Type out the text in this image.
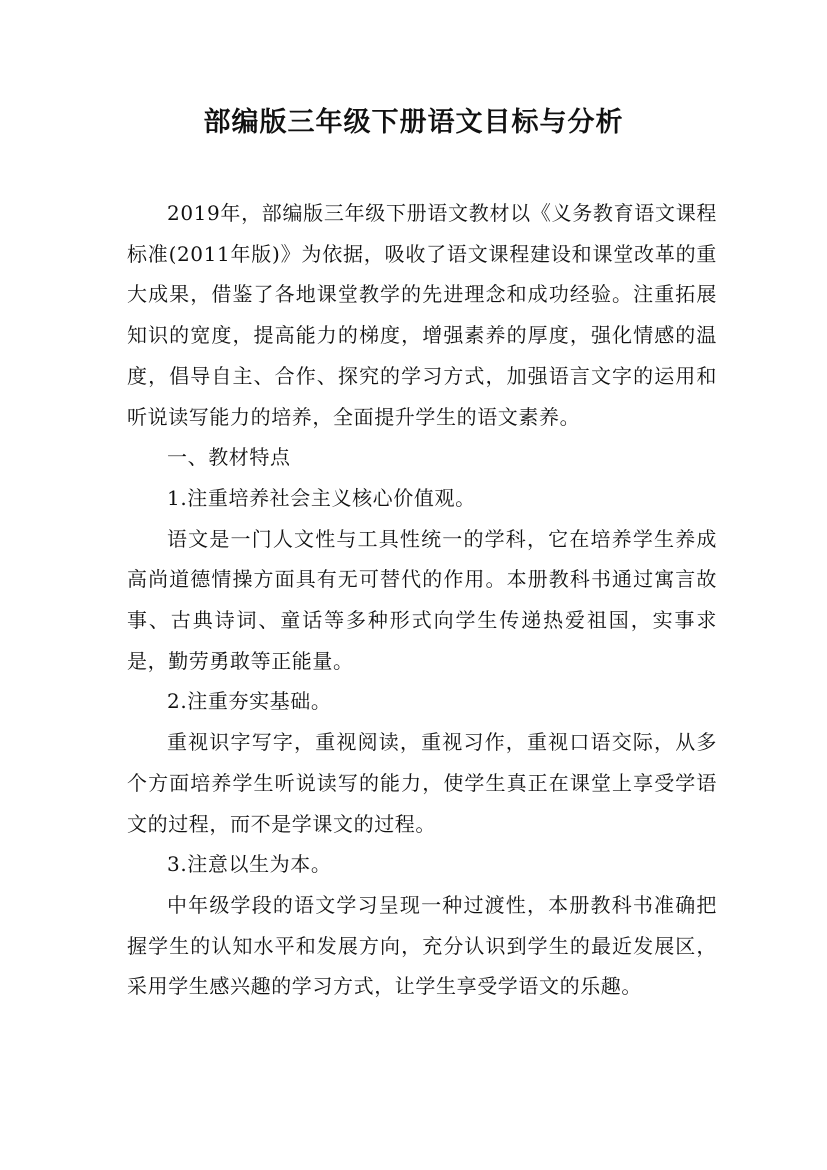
部编版三年级下册语文目标与分析

2019年，部编版三年级下册语文教材以《义务教育语文课程标准(2011年版)》为依据，吸收了语文课程建设和课堂改革的重大成果，借鉴了各地课堂教学的先进理念和成功经验。注重拓展知识的宽度，提高能力的梯度，增强素养的厚度，强化情感的温度，倡导自主、合作、探究的学习方式，加强语言文字的运用和听说读写能力的培养，全面提升学生的语文素养。

一、教材特点

1.注重培养社会主义核心价值观。

语文是一门人文性与工具性统一的学科，它在培养学生养成高尚道德情操方面具有无可替代的作用。本册教科书通过寓言故事、古典诗词、童话等多种形式向学生传递热爱祖国，实事求是，勤劳勇敢等正能量。

2.注重夯实基础。

重视识字写字，重视阅读，重视习作，重视口语交际，从多个方面培养学生听说读写的能力，使学生真正在课堂上享受学语文的过程，而不是学课文的过程。

3.注意以生为本。

中年级学段的语文学习呈现一种过渡性，本册教科书准确把握学生的认知水平和发展方向，充分认识到学生的最近发展区，采用学生感兴趣的学习方式，让学生享受学语文的乐趣。
